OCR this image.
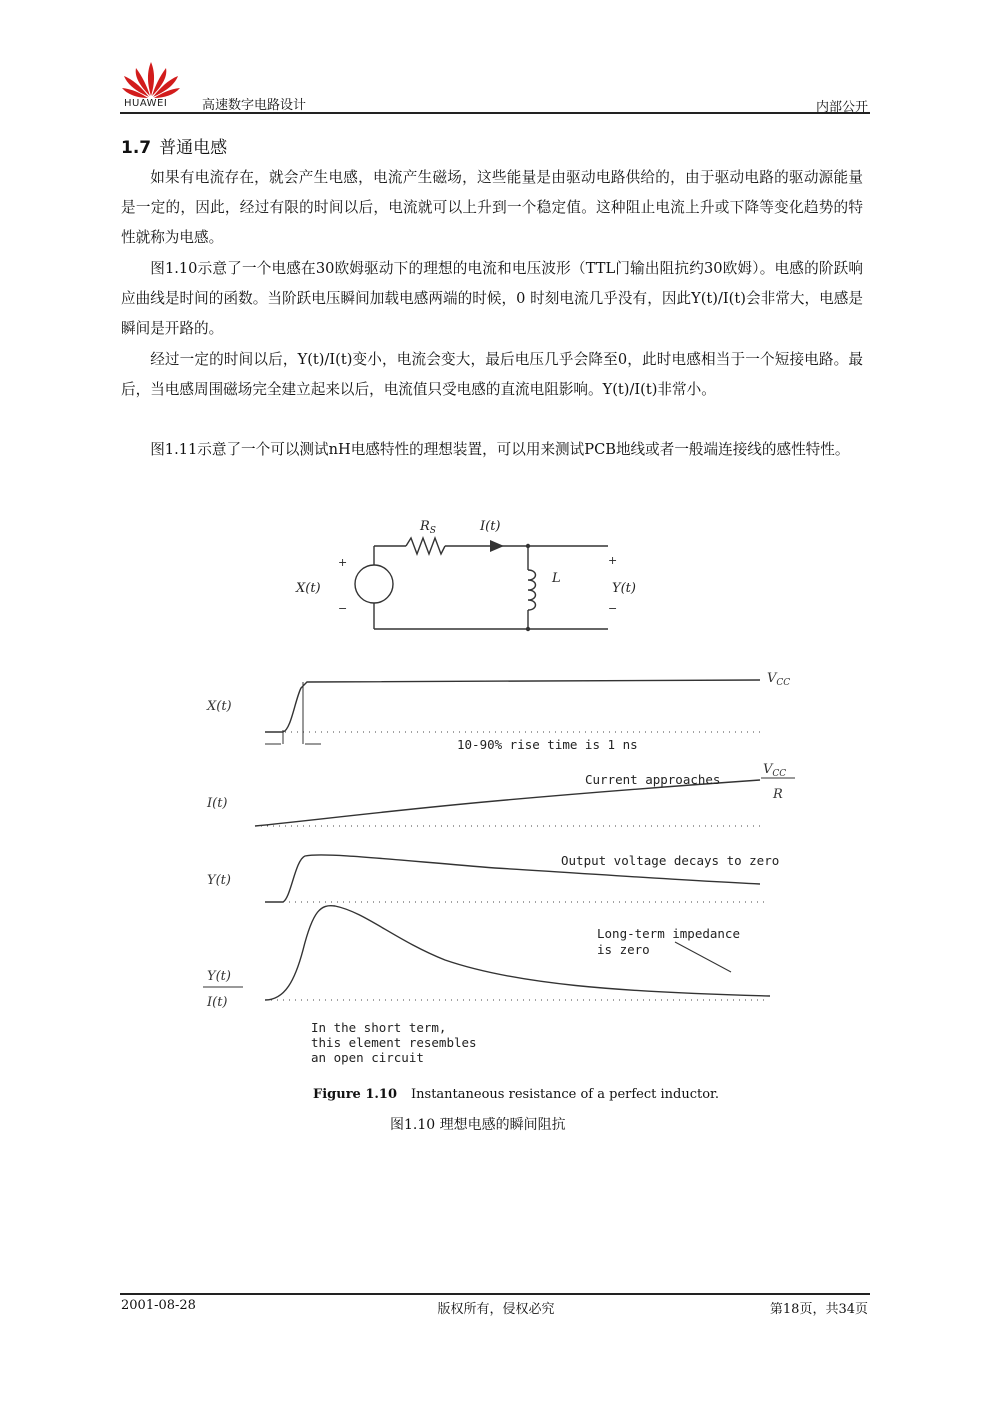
HUAWEI	高速数字电路设计	内部公开
1.7 普通电感

如果有电流存在，就会产生电感，电流产生磁场，这些能量是由驱动电路供给的，由于驱动电路的驱动源能量是一定的，因此，经过有限的时间以后，电流就可以上升到一个稳定值。这种阻止电流上升或下降等变化趋势的特性就称为电感。

图1.10示意了一个电感在30欧姆驱动下的理想的电流和电压波形（TTL门输出阻抗约30欧姆）。电感的阶跃响应曲线是时间的函数。当阶跃电压瞬间加载电感两端的时候，0 时刻电流几乎没有，因此Y(t)/I(t)会非常大，电感是瞬间是开路的。

经过一定的时间以后，Y(t)/I(t)变小，电流会变大，最后电压几乎会降至0，此时电感相当于一个短接电路。最后，当电感周围磁场完全建立起来以后，电流值只受电感的直流电阻影响。Y(t)/I(t)非常小。

图1.11示意了一个可以测试nH电感特性的理想装置，可以用来测试PCB地线或者一般端连接线的感性特性。

X(t)
+
−
$R_S$	I(t)
L
+
Y(t)
−
X(t)
I(t)
Y(t)
Y(t)
I(t)
$V_{CC}$
$V_{CC}$
R
10-90% rise time is 1 ns
Current approaches
Output voltage decays to zero
Long-term impedance
is zero
In the short term,
this element resembles
an open circuit
Figure 1.10 Instantaneous resistance of a perfect inductor.
图1.10 理想电感的瞬间阻抗
2001-08-28	版权所有，侵权必究	第18页，共34页
